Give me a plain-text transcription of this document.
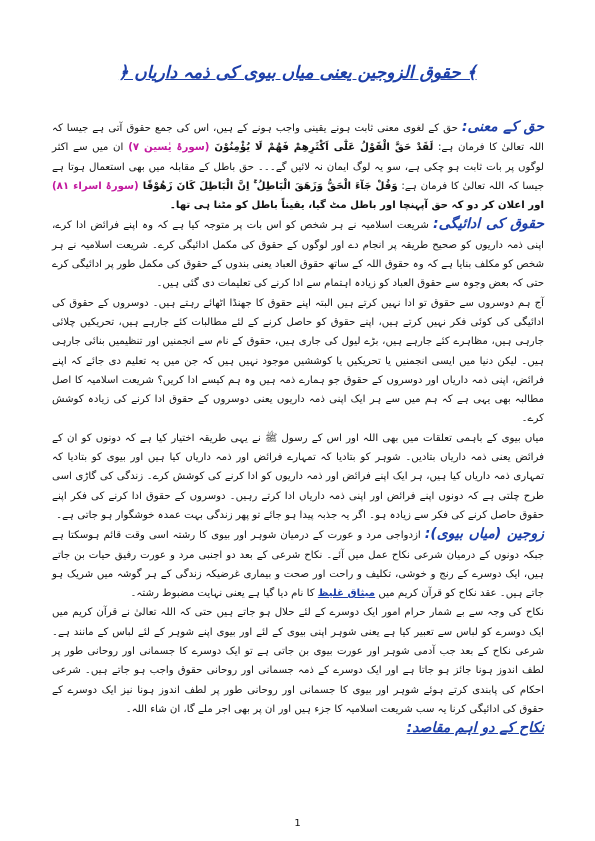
﴾ حقوق الزوجین یعنی میاں بیوی کی ذمہ داریاں ﴿

حق کے معنی: حق کے لغوی معنی ثابت ہونے یقینی واجب ہونے کے ہیں، اس کی جمع حقوق آتی ہے جیسا کہ اللہ تعالیٰ کا فرمان ہے: لَقَدْ حَقَّ الْقَوْلُ عَلٰٓى اَكْثَرِهِمْ فَهُمْ لَا يُؤْمِنُوْنَ (سورۂ یٰسین ۷) ان میں سے اکثر لوگوں پر بات ثابت ہو چکی ہے، سو یہ لوگ ایمان نہ لائیں گے۔۔۔ حق باطل کے مقابلہ میں بھی استعمال ہوتا ہے جیسا کہ اللہ تعالیٰ کا فرمان ہے: وَقُلْ جَآءَ الْحَقُّ وَزَهَقَ الْبَاطِلُ ۚ اِنَّ الْبَاطِلَ كَانَ زَهُوْقًا (سورۂ اسراء ۸۱) اور اعلان کر دو کہ حق آپہنچا اور باطل مٹ گیا، یقیناً باطل کو مٹنا ہی تھا۔

حقوق کی ادائیگی: شریعت اسلامیہ نے ہر شخص کو اس بات پر متوجہ کیا ہے کہ وہ اپنے فرائض ادا کرے، اپنی ذمہ داریوں کو صحیح طریقہ پر انجام دے اور لوگوں کے حقوق کی مکمل ادائیگی کرے۔ شریعت اسلامیہ نے ہر شخص کو مکلف بنایا ہے کہ وہ حقوق اللہ کے ساتھ حقوق العباد یعنی بندوں کے حقوق کی مکمل طور پر ادائیگی کرے حتی کہ بعض وجوہ سے حقوق العباد کو زیادہ اہتمام سے ادا کرنے کی تعلیمات دی گئی ہیں۔

آج ہم دوسروں سے حقوق تو ادا نہیں کرتے ہیں البتہ اپنے حقوق کا جھنڈا اٹھائے رہتے ہیں۔ دوسروں کے حقوق کی ادائیگی کی کوئی فکر نہیں کرتے ہیں، اپنے حقوق کو حاصل کرنے کے لئے مطالبات کئے جارہے ہیں، تحریکیں چلائی جارہی ہیں، مظاہرے کئے جارہے ہیں، بڑے لیول کی جاری ہیں، حقوق کے نام سے انجمنیں اور تنظیمیں بنائی جارہی ہیں۔ لیکن دنیا میں ایسی انجمنیں یا تحریکیں یا کوششیں موجود نہیں ہیں کہ جن میں یہ تعلیم دی جائے کہ اپنے فرائض، اپنی ذمہ داریاں اور دوسروں کے حقوق جو ہمارے ذمہ ہیں وہ ہم کیسے ادا کریں؟ شریعت اسلامیہ کا اصل مطالبہ بھی یہی ہے کہ ہم میں سے ہر ایک اپنی ذمہ داریوں یعنی دوسروں کے حقوق ادا کرنے کی زیادہ کوشش کرے۔

میاں بیوی کے باہمی تعلقات میں بھی اللہ اور اس کے رسول ﷺ نے یہی طریقہ اختیار کیا ہے کہ دونوں کو ان کے فرائض یعنی ذمہ داریاں بتادیں۔ شوہر کو بتادیا کہ تمہارے فرائض اور ذمہ داریاں کیا ہیں اور بیوی کو بتادیا کہ تمہاری ذمہ داریاں کیا ہیں، ہر ایک اپنے فرائض اور ذمہ داریوں کو ادا کرنے کی کوشش کرے۔ زندگی کی گاڑی اسی طرح چلتی ہے کہ دونوں اپنے فرائض اور اپنی ذمہ داریاں ادا کرتے رہیں۔ دوسروں کے حقوق ادا کرنے کی فکر اپنے حقوق حاصل کرنے کی فکر سے زیادہ ہو۔ اگر یہ جذبہ پیدا ہو جائے تو پھر زندگی بہت عمدہ خوشگوار ہو جاتی ہے۔

زوجین (میاں بیوی): ازدواجی مرد و عورت کے درمیان شوہر اور بیوی کا رشتہ اسی وقت قائم ہوسکتا ہے جبکہ دونوں کے درمیان شرعی نکاح عمل میں آئے۔ نکاح شرعی کے بعد دو اجنبی مرد و عورت رفیق حیات بن جاتے ہیں، ایک دوسرے کے رنج و خوشی، تکلیف و راحت اور صحت و بیماری غرضیکہ زندگی کے ہر گوشہ میں شریک ہو جاتے ہیں۔ عقد نکاح کو قرآن کریم میں میثاق غلیظ کا نام دیا گیا ہے یعنی نہایت مضبوط رشتہ۔

نکاح کی وجہ سے بے شمار حرام امور ایک دوسرے کے لئے حلال ہو جاتے ہیں حتی کہ اللہ تعالیٰ نے قرآن کریم میں ایک دوسرے کو لباس سے تعبیر کیا ہے یعنی شوہر اپنی بیوی کے لئے اور بیوی اپنے شوہر کے لئے لباس کے مانند ہے۔ شرعی نکاح کے بعد جب آدمی شوہر اور عورت بیوی بن جاتی ہے تو ایک دوسرے کا جسمانی اور روحانی طور پر لطف اندوز ہونا جائز ہو جاتا ہے اور ایک دوسرے کے ذمہ جسمانی اور روحانی حقوق واجب ہو جاتے ہیں۔ شرعی احکام کی پابندی کرتے ہوئے شوہر اور بیوی کا جسمانی اور روحانی طور پر لطف اندوز ہونا نیز ایک دوسرے کے حقوق کی ادائیگی کرنا یہ سب شریعت اسلامیہ کا جزء ہیں اور ان پر بھی اجر ملے گا، ان شاء اللہ۔

نکاح کے دو اہم مقاصد:

1
